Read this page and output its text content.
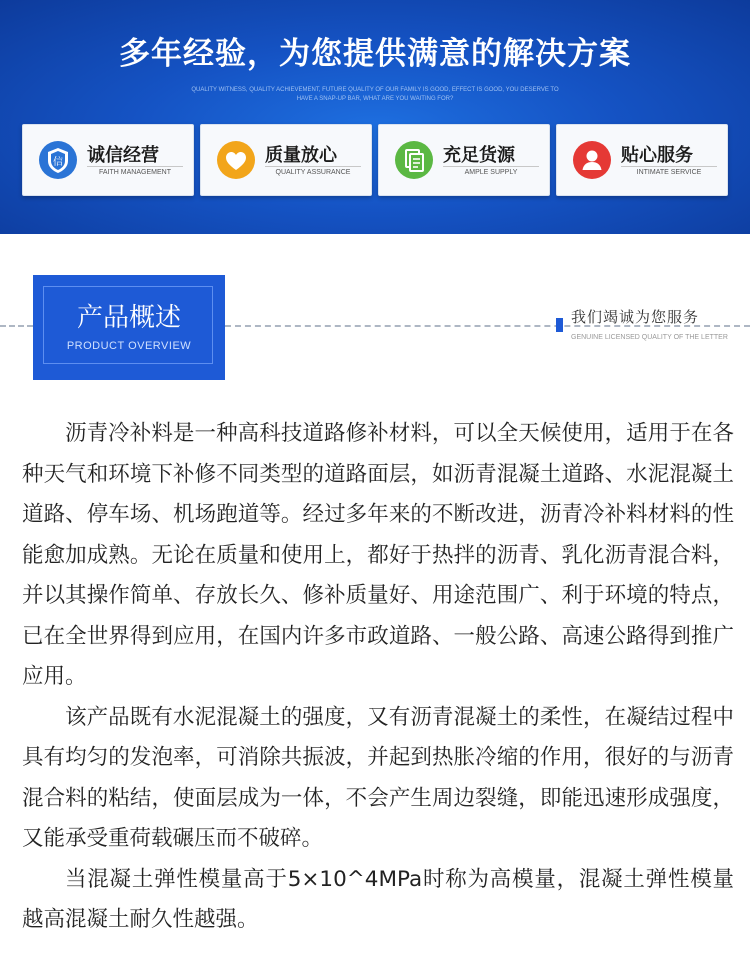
多年经验，为您提供满意的解决方案
QUALITY WITNESS, QUALITY ACHIEVEMENT, FUTURE QUALITY OF OUR FAMILY IS GOOD, EFFECT IS GOOD, YOU DESERVE TO
HAVE A SNAP-UP BAR, WHAT ARE YOU WAITING FOR?
信 诚信经营
FAITH MANAGEMENT
质量放心
QUALITY ASSURANCE
充足货源
AMPLE SUPPLY
贴心服务
INTIMATE SERVICE
产品概述
PRODUCT OVERVIEW
我们竭诚为您服务
GENUINE LICENSED QUALITY OF THE LETTER

沥青冷补料是一种高科技道路修补材料，可以全天候使用，适用于在各种天气和环境下补修不同类型的道路面层，如沥青混凝土道路、水泥混凝土道路、停车场、机场跑道等。经过多年来的不断改进，沥青冷补料材料的性能愈加成熟。无论在质量和使用上，都好于热拌的沥青、乳化沥青混合料，并以其操作简单、存放长久、修补质量好、用途范围广、利于环境的特点，已在全世界得到应用，在国内许多市政道路、一般公路、高速公路得到推广应用。

该产品既有水泥混凝土的强度，又有沥青混凝土的柔性，在凝结过程中具有均匀的发泡率，可消除共振波，并起到热胀冷缩的作用，很好的与沥青混合料的粘结，使面层成为一体，不会产生周边裂缝，即能迅速形成强度，又能承受重荷载碾压而不破碎。

当混凝土弹性模量高于5×10^4MPa时称为高模量，混凝土弹性模量越高混凝土耐久性越强。
